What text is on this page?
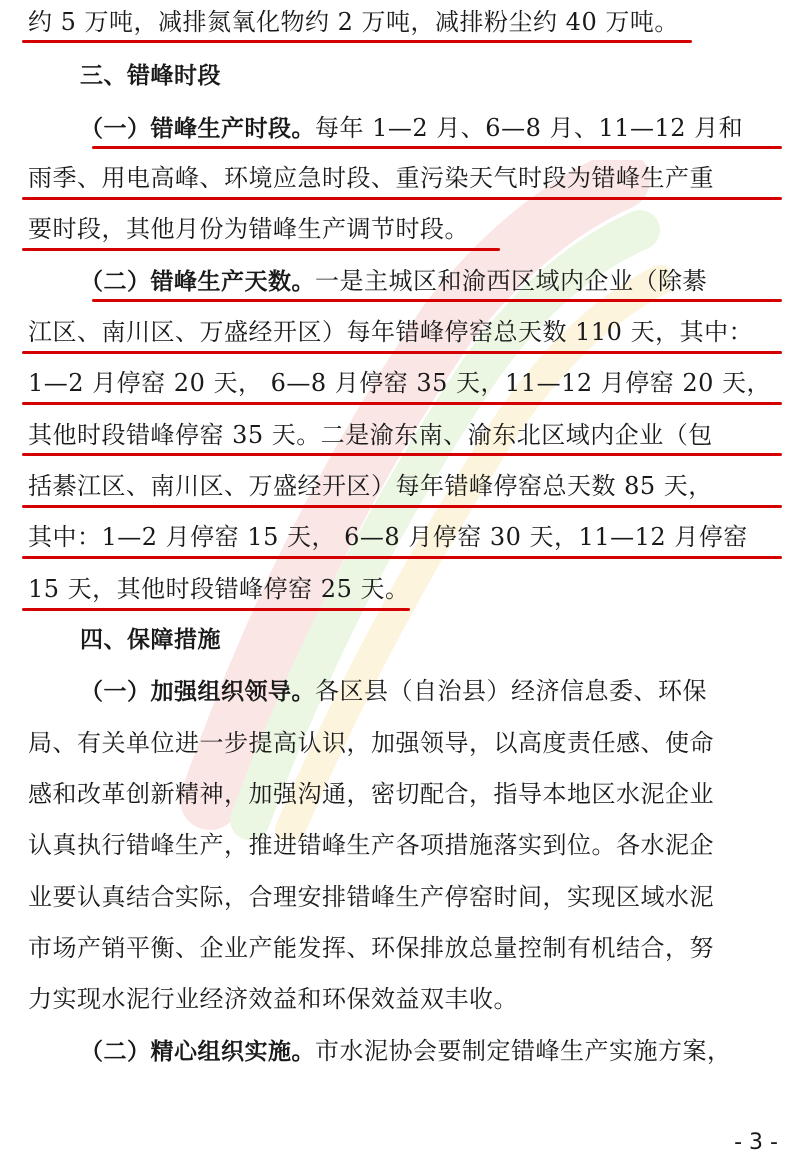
约 5 万吨，减排氮氧化物约 2 万吨，减排粉尘约 40 万吨。
三、错峰时段
（一）错峰生产时段。每年 1—2 月、6—8 月、11—12 月和
雨季、用电高峰、环境应急时段、重污染天气时段为错峰生产重
要时段，其他月份为错峰生产调节时段。
（二）错峰生产天数。一是主城区和渝西区域内企业（除綦
江区、南川区、万盛经开区）每年错峰停窑总天数 110 天，其中：
1—2 月停窑 20 天， 6—8 月停窑 35 天，11—12 月停窑 20 天，
其他时段错峰停窑 35 天。二是渝东南、渝东北区域内企业（包
括綦江区、南川区、万盛经开区）每年错峰停窑总天数 85 天，
其中：1—2 月停窑 15 天， 6—8 月停窑 30 天，11—12 月停窑
15 天，其他时段错峰停窑 25 天。
四、保障措施
（一）加强组织领导。各区县（自治县）经济信息委、环保
局、有关单位进一步提高认识，加强领导，以高度责任感、使命
感和改革创新精神，加强沟通，密切配合，指导本地区水泥企业
认真执行错峰生产，推进错峰生产各项措施落实到位。各水泥企
业要认真结合实际，合理安排错峰生产停窑时间，实现区域水泥
市场产销平衡、企业产能发挥、环保排放总量控制有机结合，努
力实现水泥行业经济效益和环保效益双丰收。
（二）精心组织实施。市水泥协会要制定错峰生产实施方案，
- 3 -
